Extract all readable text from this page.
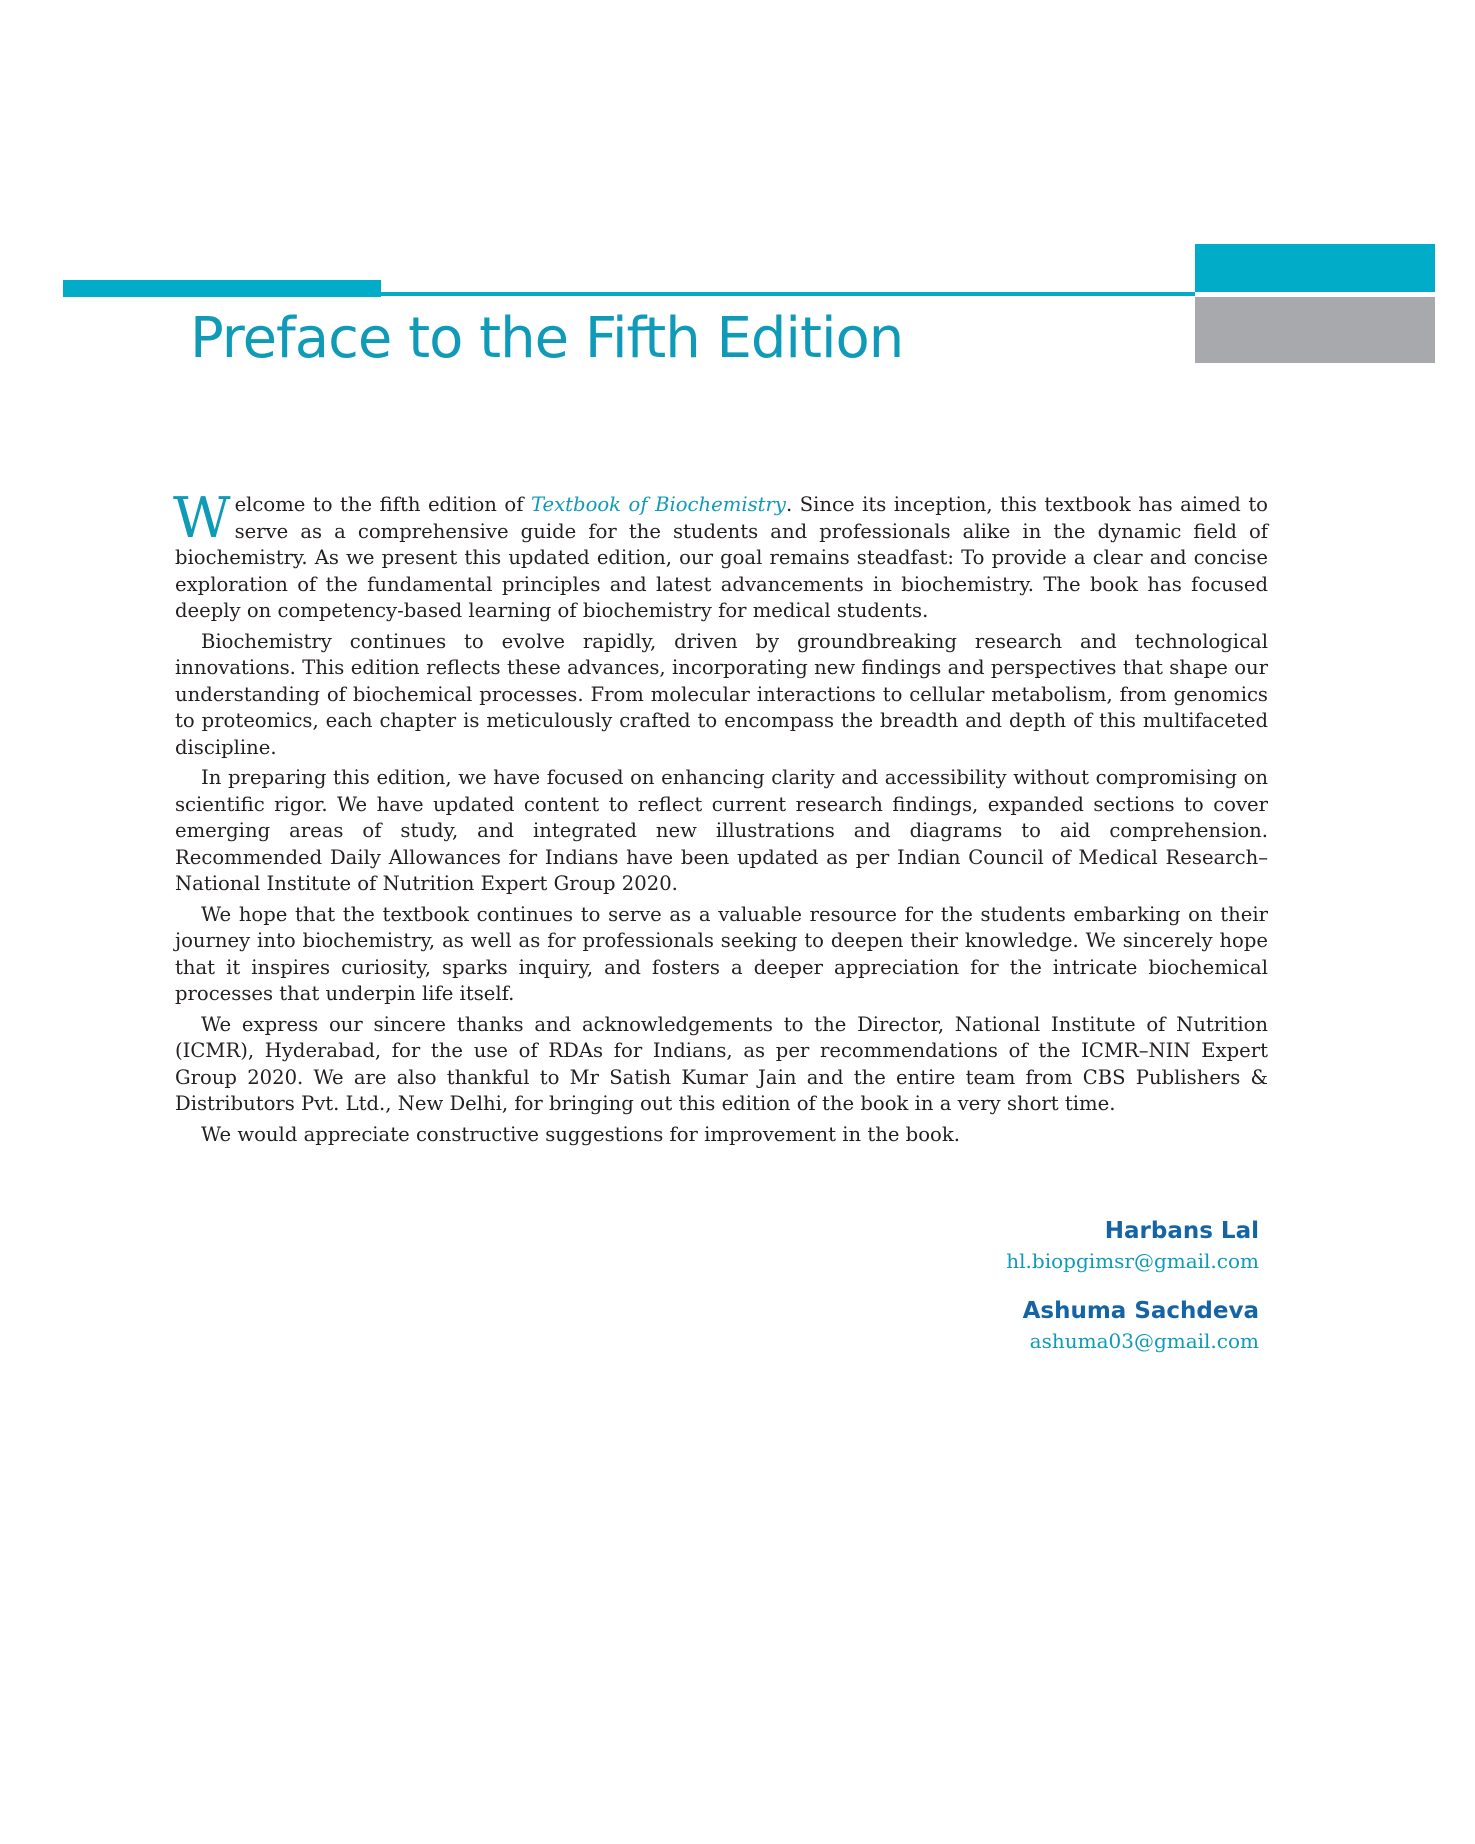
Preface to the Fifth Edition

Welcome to the fifth edition of Textbook of Biochemistry. Since its inception, this textbook has aimed to serve as a comprehensive guide for the students and professionals alike in the dynamic field of biochemistry. As we present this updated edition, our goal remains steadfast: To provide a clear and concise exploration of the fundamental principles and latest advancements in biochemistry. The book has focused deeply on competency-based learning of biochemistry for medical students.

Biochemistry continues to evolve rapidly, driven by groundbreaking research and technological innovations. This edition reflects these advances, incorporating new findings and perspectives that shape our understanding of biochemical processes. From molecular interactions to cellular metabolism, from genomics to proteomics, each chapter is meticulously crafted to encompass the breadth and depth of this multifaceted discipline.

In preparing this edition, we have focused on enhancing clarity and accessibility without compromising on scientific rigor. We have updated content to reflect current research findings, expanded sections to cover emerging areas of study, and integrated new illustrations and diagrams to aid comprehension. Recommended Daily Allowances for Indians have been updated as per Indian Council of Medical Research–National Institute of Nutrition Expert Group 2020.

We hope that the textbook continues to serve as a valuable resource for the students embarking on their journey into biochemistry, as well as for professionals seeking to deepen their knowledge. We sincerely hope that it inspires curiosity, sparks inquiry, and fosters a deeper appreciation for the intricate biochemical processes that underpin life itself.

We express our sincere thanks and acknowledgements to the Director, National Institute of Nutrition (ICMR), Hyderabad, for the use of RDAs for Indians, as per recommendations of the ICMR–NIN Expert Group 2020. We are also thankful to Mr Satish Kumar Jain and the entire team from CBS Publishers & Distributors Pvt. Ltd., New Delhi, for bringing out this edition of the book in a very short time.

We would appreciate constructive suggestions for improvement in the book.

Harbans Lal
hl.biopgimsr@gmail.com
Ashuma Sachdeva
ashuma03@gmail.com
